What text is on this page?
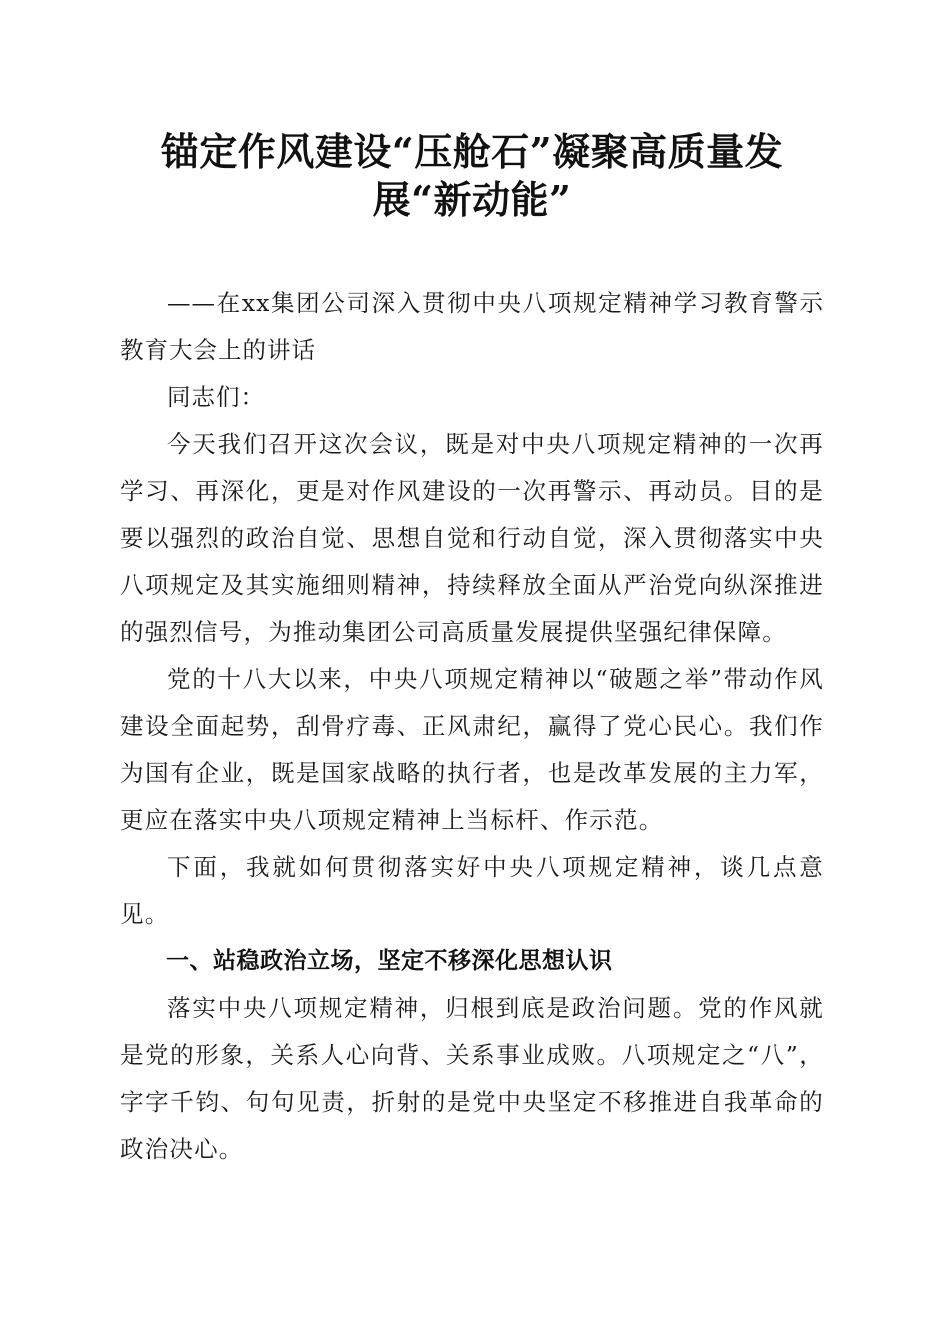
锚定作风建设“压舱石”凝聚高质量发展“新动能”

——在xx集团公司深入贯彻中央八项规定精神学习教育警示教育大会上的讲话

同志们：

今天我们召开这次会议，既是对中央八项规定精神的一次再学习、再深化，更是对作风建设的一次再警示、再动员。目的是要以强烈的政治自觉、思想自觉和行动自觉，深入贯彻落实中央八项规定及其实施细则精神，持续释放全面从严治党向纵深推进的强烈信号，为推动集团公司高质量发展提供坚强纪律保障。

党的十八大以来，中央八项规定精神以“破题之举”带动作风建设全面起势，刮骨疗毒、正风肃纪，赢得了党心民心。我们作为国有企业，既是国家战略的执行者，也是改革发展的主力军，更应在落实中央八项规定精神上当标杆、作示范。

下面，我就如何贯彻落实好中央八项规定精神，谈几点意见。

一、站稳政治立场，坚定不移深化思想认识

落实中央八项规定精神，归根到底是政治问题。党的作风就是党的形象，关系人心向背、关系事业成败。八项规定之“八”，字字千钧、句句见责，折射的是党中央坚定不移推进自我革命的政治决心。
